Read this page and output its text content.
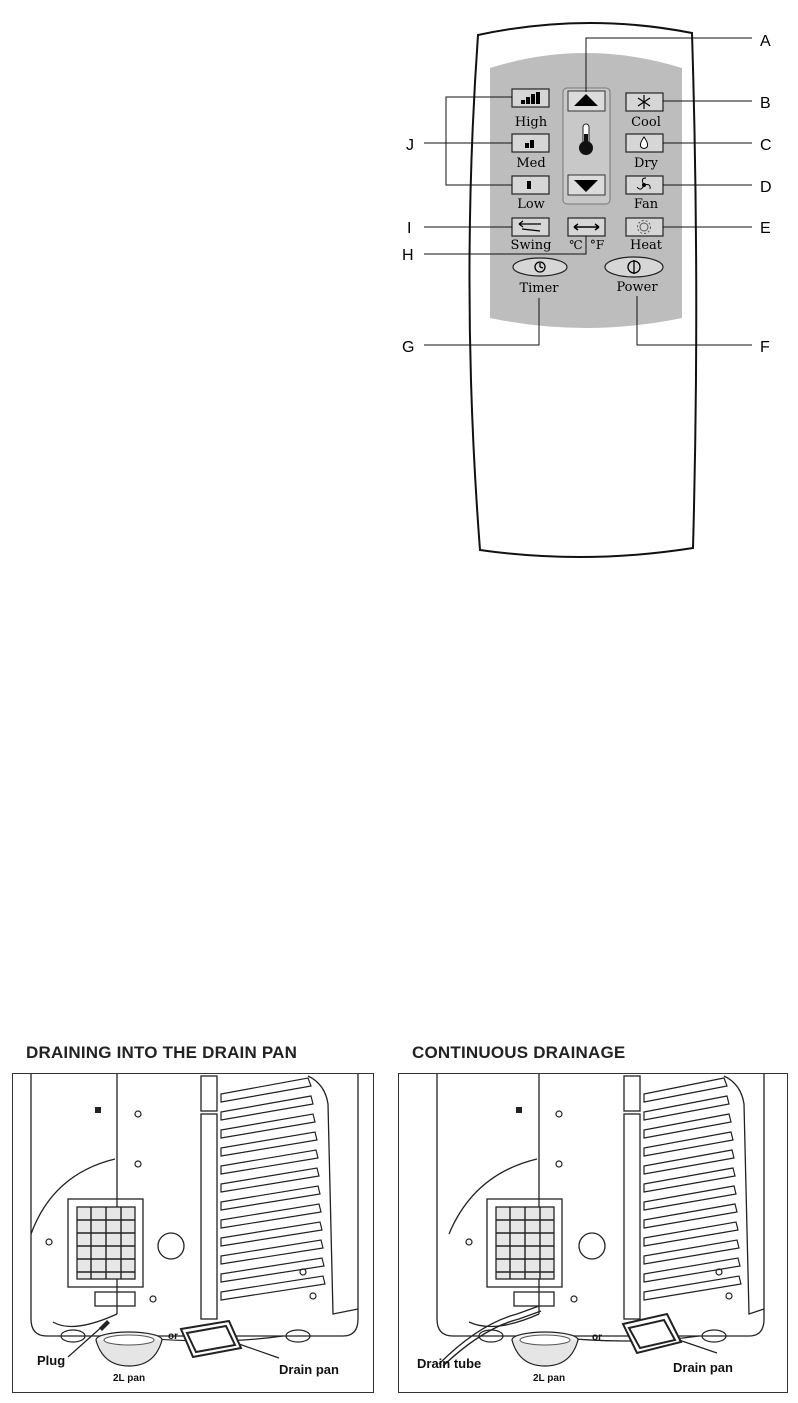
High
Med
Low
Swing ℃ °F
Cool
Dry
Fan
Heat
Timer	Power
A
B
C
D
E
F
G
H
I
J
DRAINING INTO THE DRAIN PAN
Plug
2L pan
or
Drain pan
CONTINUOUS DRAINAGE
Drain tube
2L pan
or
Drain pan
